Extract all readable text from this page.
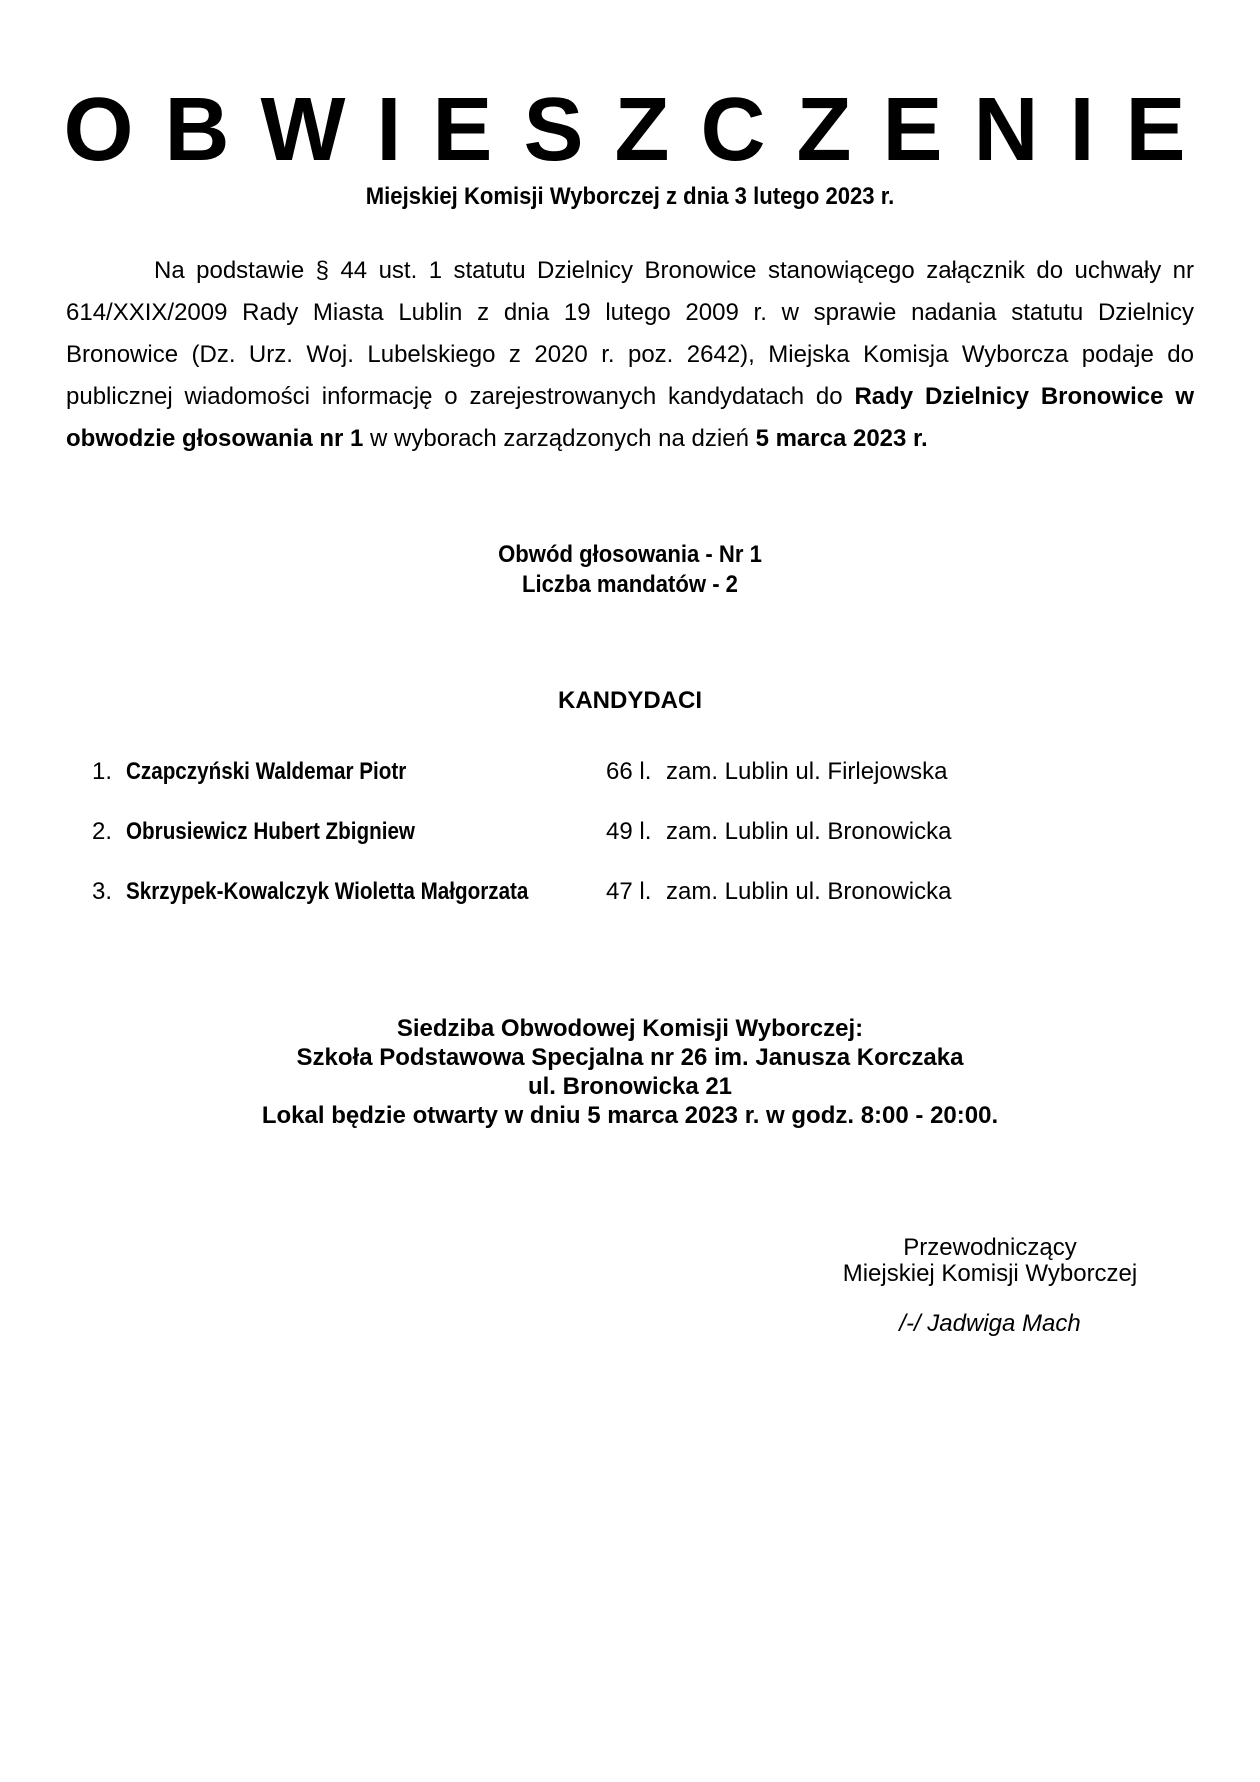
OBWIESZCZENIE
Miejskiej Komisji Wyborczej z dnia 3 lutego 2023 r.
Na podstawie § 44 ust. 1 statutu Dzielnicy Bronowice stanowiącego załącznik do uchwały nr 614/XXIX/2009 Rady Miasta Lublin z dnia 19 lutego 2009 r. w sprawie nadania statutu Dzielnicy Bronowice (Dz. Urz. Woj. Lubelskiego z 2020 r. poz. 2642), Miejska Komisja Wyborcza podaje do publicznej wiadomości informację o zarejestrowanych kandydatach do Rady Dzielnicy Bronowice w obwodzie głosowania nr 1 w wyborach zarządzonych na dzień 5 marca 2023 r.
Obwód głosowania - Nr 1
Liczba mandatów - 2
KANDYDACI
1. Czapczyński Waldemar Piotr	66 l. zam. Lublin ul. Firlejowska
2. Obrusiewicz Hubert Zbigniew	49 l. zam. Lublin ul. Bronowicka
3. Skrzypek-Kowalczyk Wioletta Małgorzata	47 l. zam. Lublin ul. Bronowicka
Siedziba Obwodowej Komisji Wyborczej:
Szkoła Podstawowa Specjalna nr 26 im. Janusza Korczaka
ul. Bronowicka 21
Lokal będzie otwarty w dniu 5 marca 2023 r. w godz. 8:00 - 20:00.
Przewodniczący
Miejskiej Komisji Wyborczej
/-/ Jadwiga Mach
